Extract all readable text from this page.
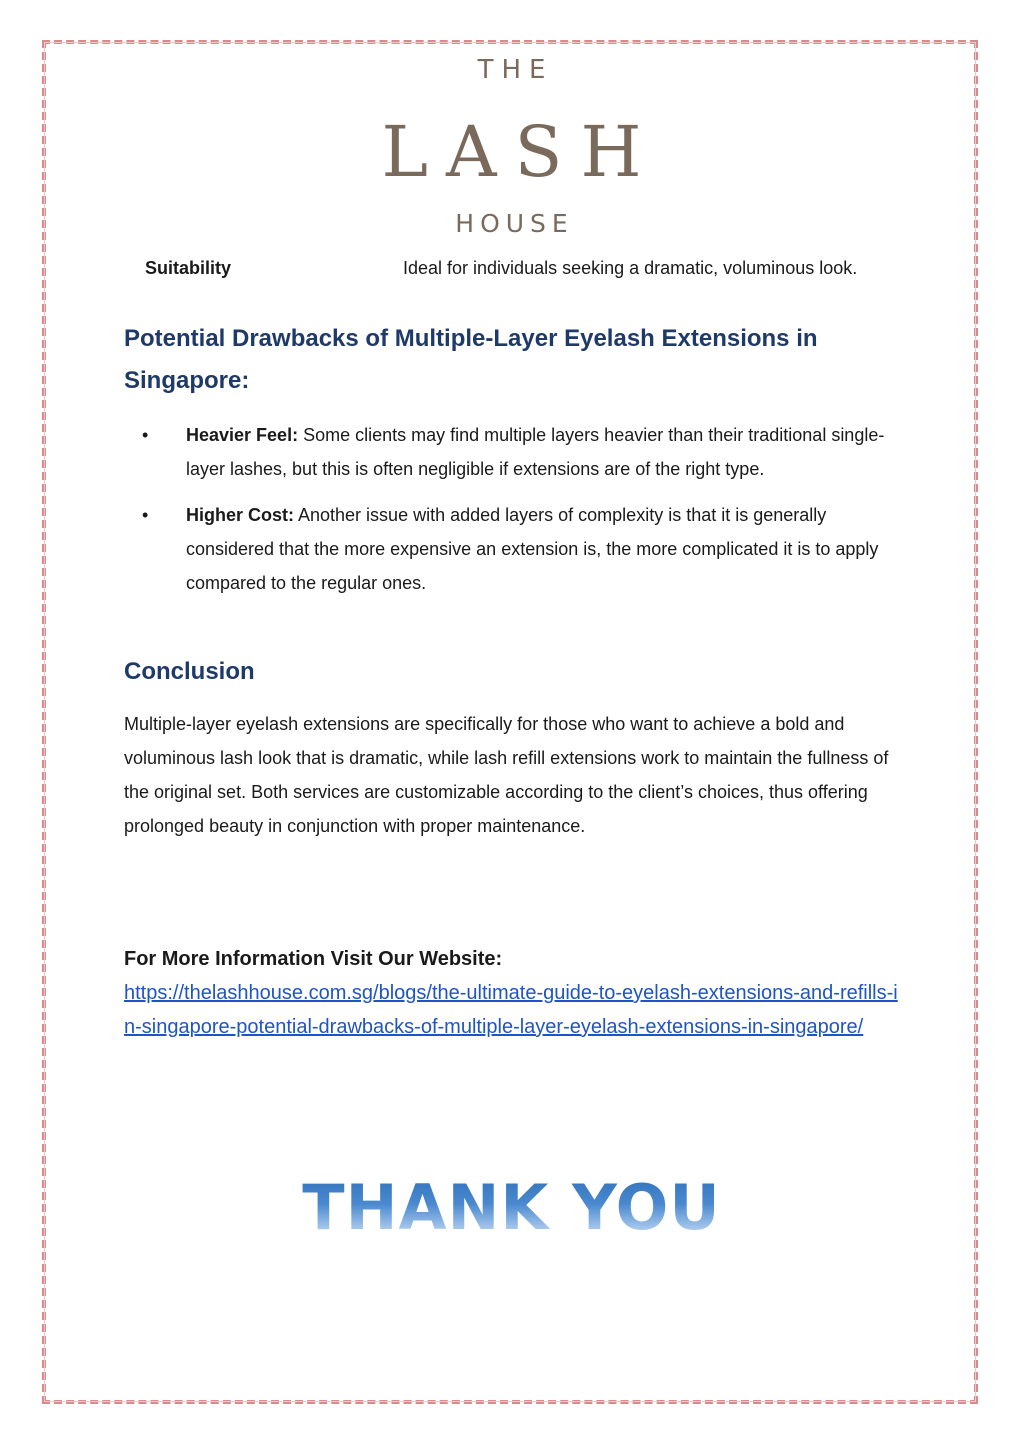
THE
LASH
HOUSE
Suitability	Ideal for individuals seeking a dramatic, voluminous look.
Potential Drawbacks of Multiple-Layer Eyelash Extensions in Singapore:
• Heavier Feel: Some clients may find multiple layers heavier than their traditional single-layer lashes, but this is often negligible if extensions are of the right type.
• Higher Cost: Another issue with added layers of complexity is that it is generally considered that the more expensive an extension is, the more complicated it is to apply compared to the regular ones.
Conclusion

Multiple-layer eyelash extensions are specifically for those who want to achieve a bold and voluminous lash look that is dramatic, while lash refill extensions work to maintain the fullness of the original set. Both services are customizable according to the client’s choices, thus offering prolonged beauty in conjunction with proper maintenance.

For More Information Visit Our Website:
https://thelashhouse.com.sg/blogs/the-ultimate-guide-to-eyelash-extensions-and-refills-in-singapore-potential-drawbacks-of-multiple-layer-eyelash-extensions-in-singapore/
THANK YOU
